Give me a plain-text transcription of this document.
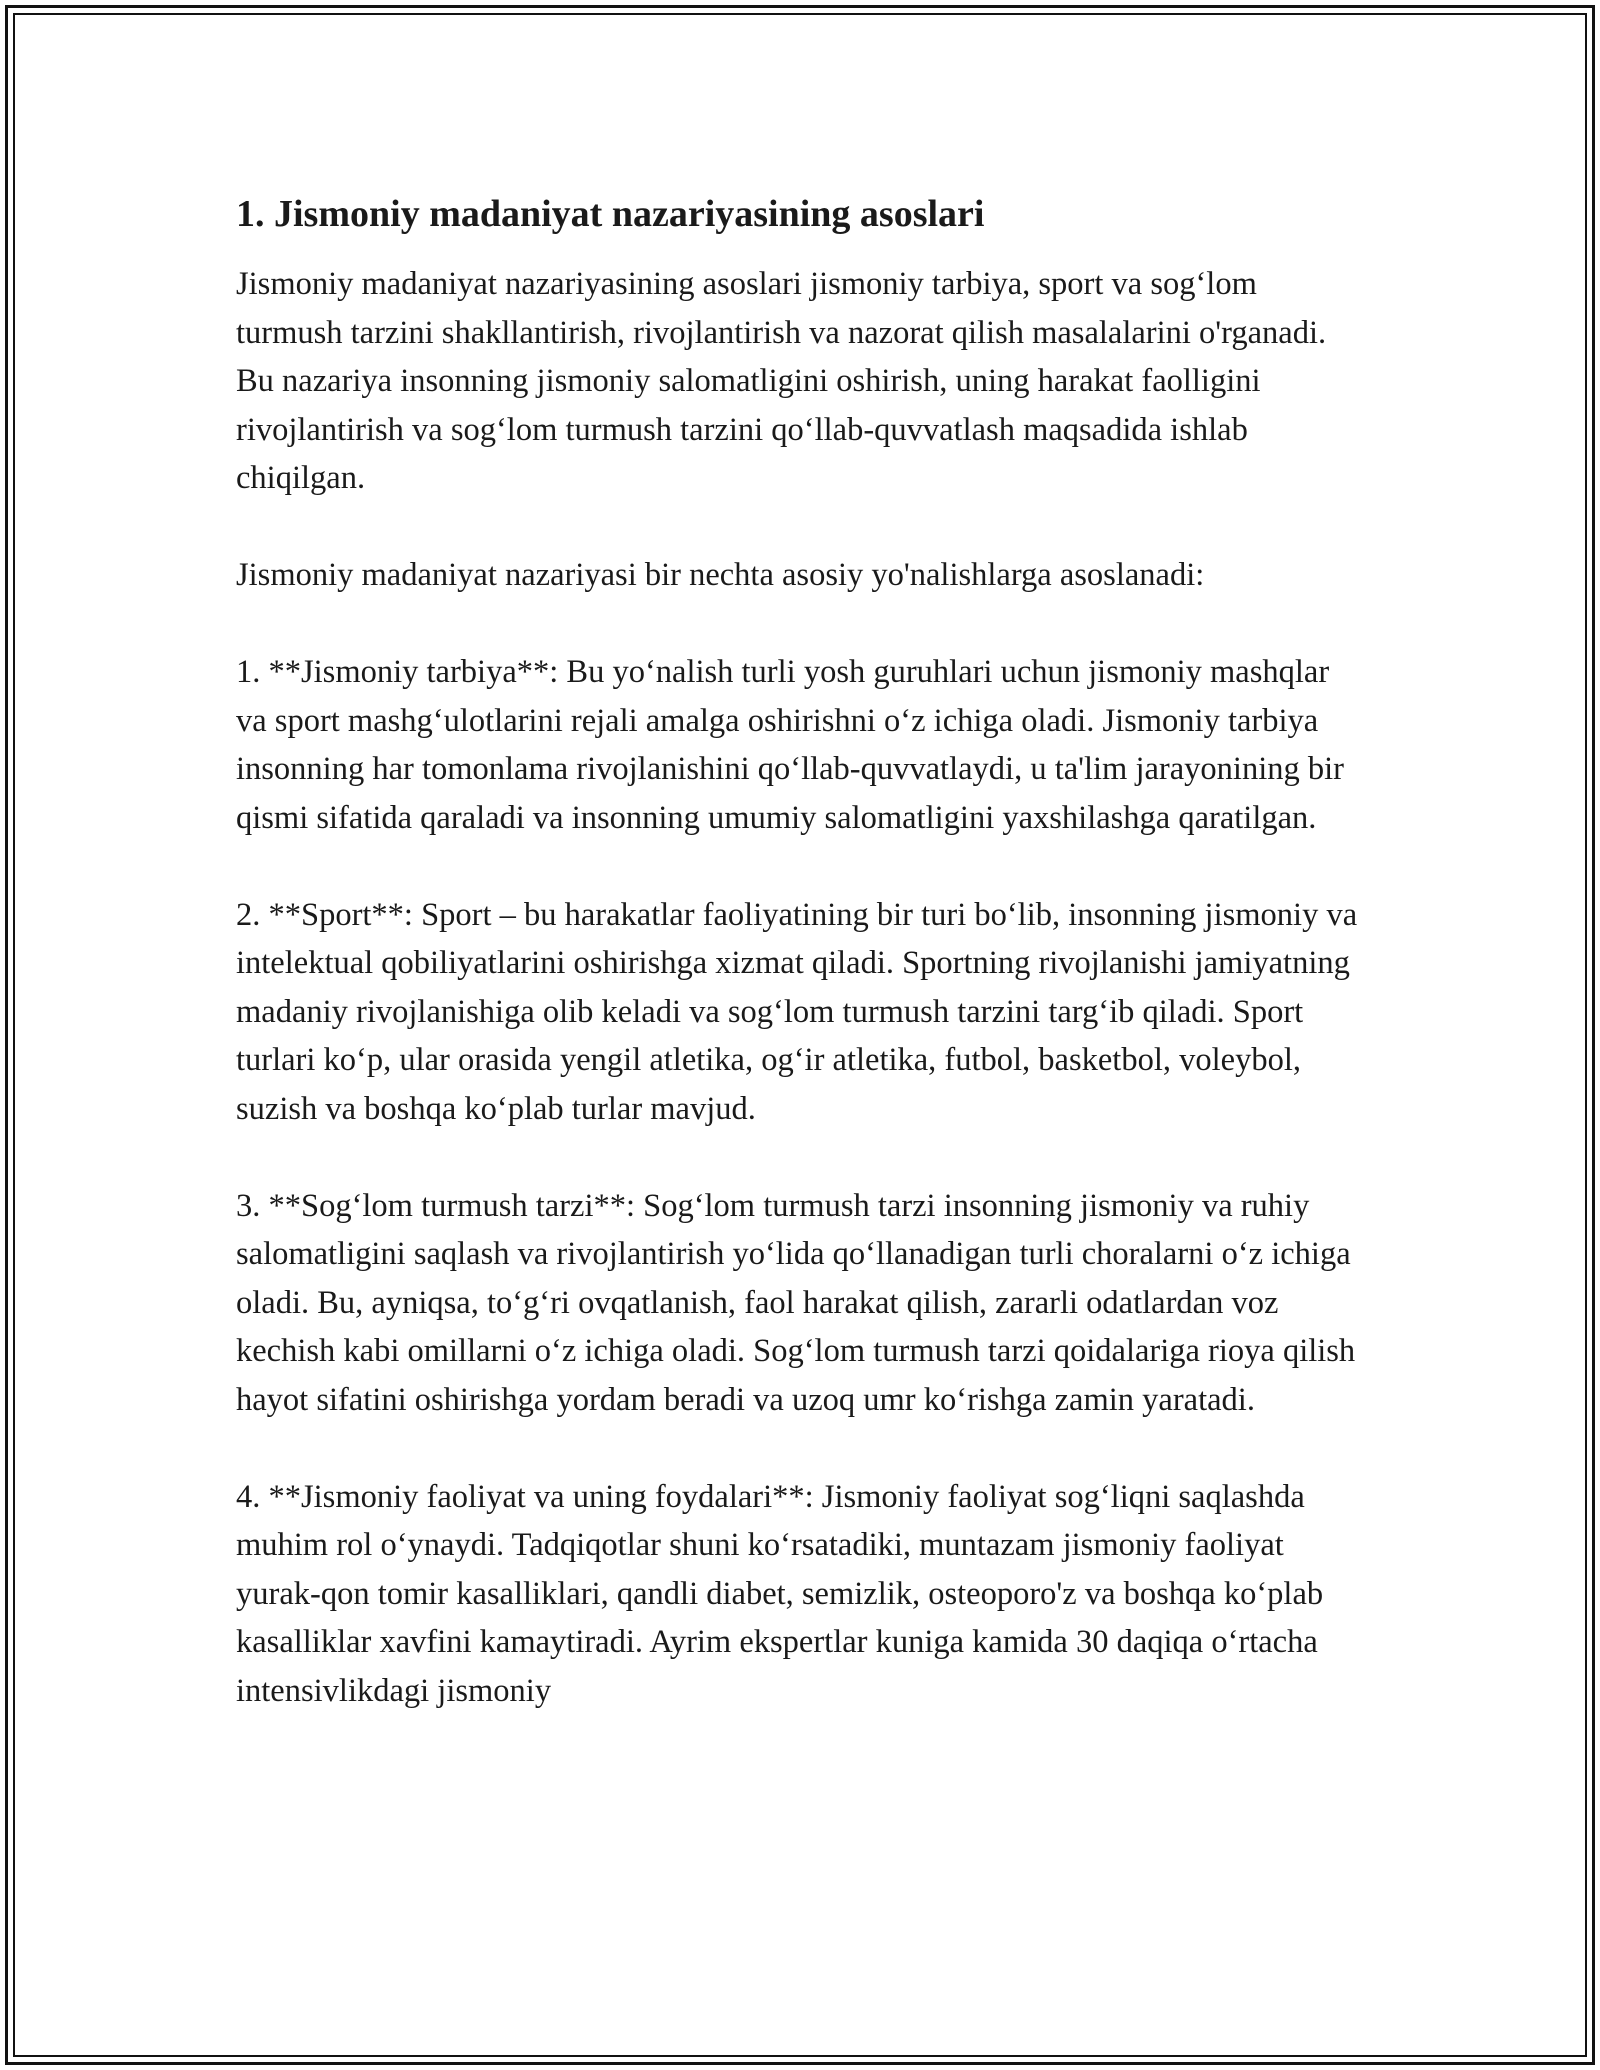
1. Jismoniy madaniyat nazariyasining asoslari
Jismoniy madaniyat nazariyasining asoslari jismoniy tarbiya, sport va sog‘lom turmush tarzini shakllantirish, rivojlantirish va nazorat qilish masalalarini o'rganadi. Bu nazariya insonning jismoniy salomatligini oshirish, uning harakat faolligini rivojlantirish va sog‘lom turmush tarzini qo‘llab-quvvatlash maqsadida ishlab chiqilgan.
Jismoniy madaniyat nazariyasi bir nechta asosiy yo'nalishlarga asoslanadi:
1. **Jismoniy tarbiya**: Bu yo‘nalish turli yosh guruhlari uchun jismoniy mashqlar va sport mashg‘ulotlarini rejali amalga oshirishni o‘z ichiga oladi. Jismoniy tarbiya insonning har tomonlama rivojlanishini qo‘llab-quvvatlaydi, u ta'lim jarayonining bir qismi sifatida qaraladi va insonning umumiy salomatligini yaxshilashga qaratilgan.
2. **Sport**: Sport – bu harakatlar faoliyatining bir turi bo‘lib, insonning jismoniy va intelektual qobiliyatlarini oshirishga xizmat qiladi. Sportning rivojlanishi jamiyatning madaniy rivojlanishiga olib keladi va sog‘lom turmush tarzini targ‘ib qiladi. Sport turlari ko‘p, ular orasida yengil atletika, og‘ir atletika, futbol, basketbol, voleybol, suzish va boshqa ko‘plab turlar mavjud.
3. **Sog‘lom turmush tarzi**: Sog‘lom turmush tarzi insonning jismoniy va ruhiy salomatligini saqlash va rivojlantirish yo‘lida qo‘llanadigan turli choralarni o‘z ichiga oladi. Bu, ayniqsa, to‘g‘ri ovqatlanish, faol harakat qilish, zararli odatlardan voz kechish kabi omillarni o‘z ichiga oladi. Sog‘lom turmush tarzi qoidalariga rioya qilish hayot sifatini oshirishga yordam beradi va uzoq umr ko‘rishga zamin yaratadi.
4. **Jismoniy faoliyat va uning foydalari**: Jismoniy faoliyat sog‘liqni saqlashda muhim rol o‘ynaydi. Tadqiqotlar shuni ko‘rsatadiki, muntazam jismoniy faoliyat yurak-qon tomir kasalliklari, qandli diabet, semizlik, osteoporo'z va boshqa ko‘plab kasalliklar xavfini kamaytiradi. Ayrim ekspertlar kuniga kamida 30 daqiqa o‘rtacha intensivlikdagi jismoniy
